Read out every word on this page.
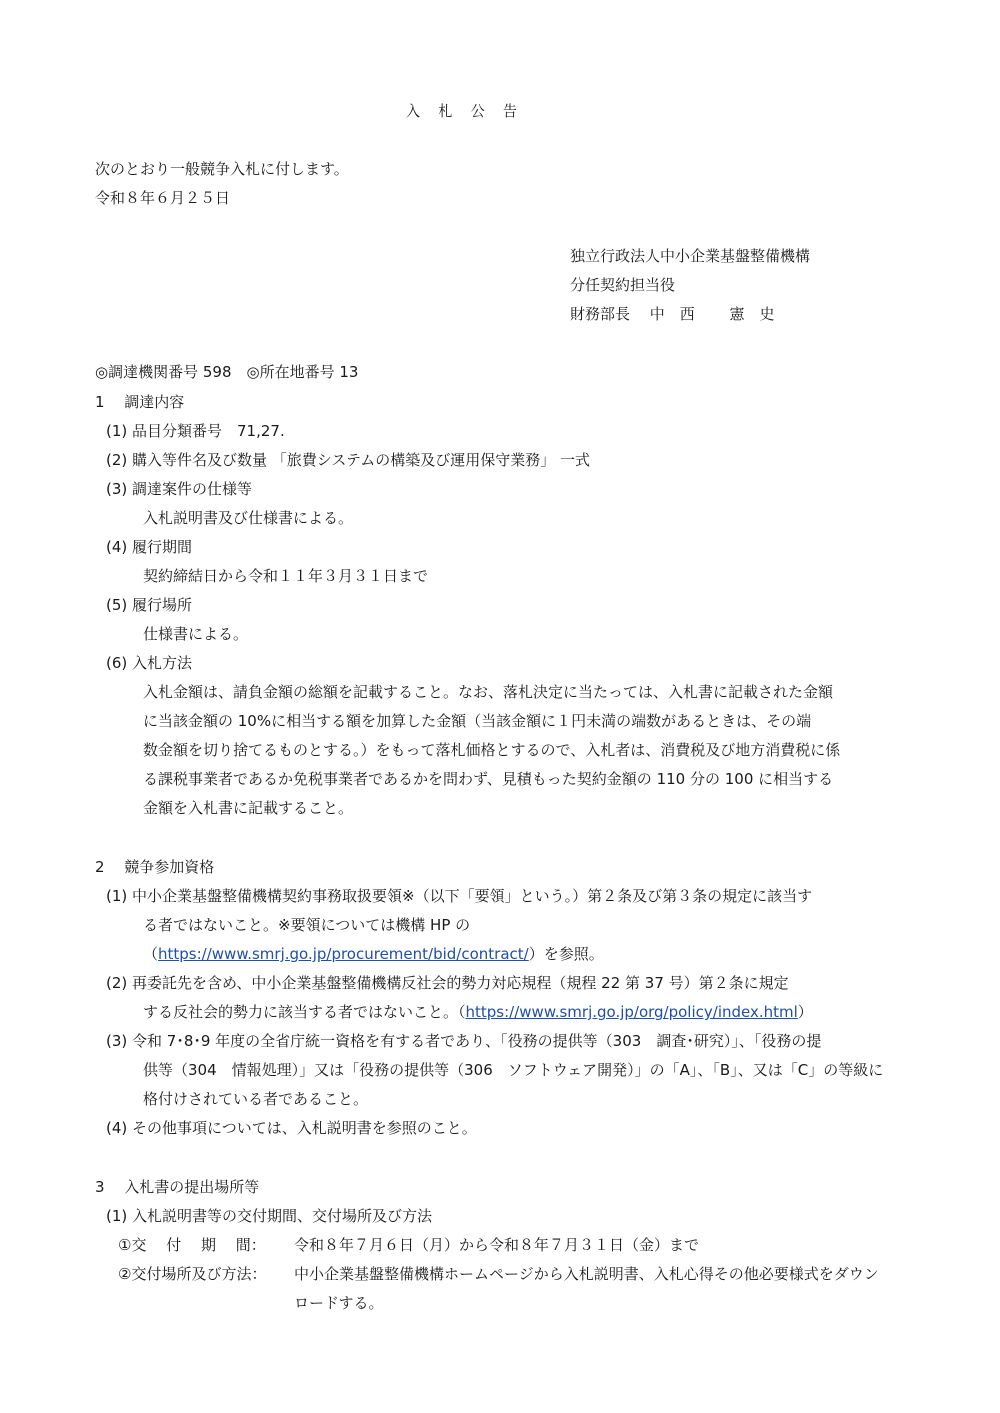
入 札 公 告
次のとおり一般競争入札に付します。
令和８年６月２５日
独立行政法人中小企業基盤整備機構
分任契約担当役
財務部長　 中　西　　 憲　史
◎調達機関番号 598　◎所在地番号 13
1　 調達内容
(1) 品目分類番号　71,27.
(2) 購入等件名及び数量 「旅費システムの構築及び運用保守業務」 一式
(3) 調達案件の仕様等
入札説明書及び仕様書による。
(4) 履行期間
契約締結日から令和１１年３月３１日まで
(5) 履行場所
仕様書による。
(6) 入札方法
入札金額は、請負金額の総額を記載すること。なお、落札決定に当たっては、入札書に記載された金額
に当該金額の 10%に相当する額を加算した金額（当該金額に１円未満の端数があるときは、その端
数金額を切り捨てるものとする。）をもって落札価格とするので、入札者は、消費税及び地方消費税に係
る課税事業者であるか免税事業者であるかを問わず、見積もった契約金額の 110 分の 100 に相当する
金額を入札書に記載すること。
2　 競争参加資格
(1) 中小企業基盤整備機構契約事務取扱要領※（以下「要領」という。）第２条及び第３条の規定に該当す
る者ではないこと。※要領については機構 HP の
（https://www.smrj.go.jp/procurement/bid/contract/）を参照。
(2) 再委託先を含め、中小企業基盤整備機構反社会的勢力対応規程（規程 22 第 37 号）第２条に規定
する反社会的勢力に該当する者ではないこと。（https://www.smrj.go.jp/org/policy/index.html）
(3) 令和 7･8･9 年度の全省庁統一資格を有する者であり、「役務の提供等（303　調査･研究）」、「役務の提
供等（304　情報処理）」又は「役務の提供等（306　ソフトウェア開発）」の「A」、「B」、又は「C」の等級に
格付けされている者であること。
(4) その他事項については、入札説明書を参照のこと。
3　 入札書の提出場所等
(1) 入札説明書等の交付期間、交付場所及び方法
①交　 付　 期　 間： 令和８年７月６日（月）から令和８年７月３１日（金）まで
②交付場所及び方法： 中小企業基盤整備機構ホームページから入札説明書、入札心得その他必要様式をダウン
ロードする。
